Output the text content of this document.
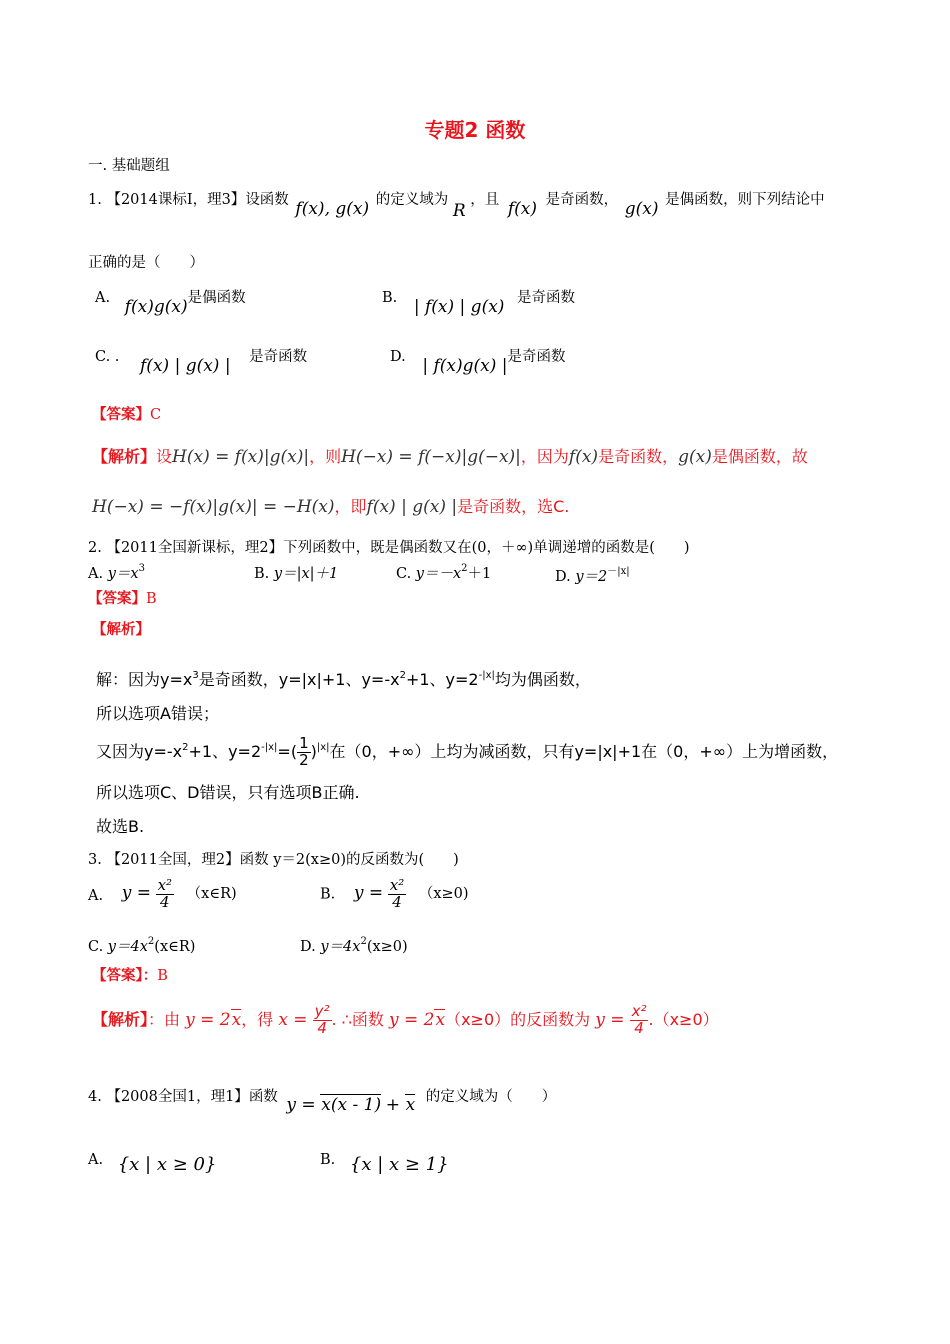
专题2 函数
一. 基础题组
1. 【2014课标Ⅰ，理3】设函数 f(x), g(x) 的定义域为 R ，且 f(x) 是奇函数， g(x) 是偶函数，则下列结论中
正确的是（　　）
A. f(x)g(x)是偶函数	B. | f(x) | g(x) 是奇函数
C. . f(x) | g(x) | 是奇函数	D. | f(x)g(x) |是奇函数
【答案】C
【解析】设H(x) = f(x)|g(x)|，则H(−x) = f(−x)|g(−x)|，因为f(x)是奇函数，g(x)是偶函数，故
H(−x) = −f(x)|g(x)| = −H(x)，即f(x) | g(x) |是奇函数，选C.
2. 【2011全国新课标，理2】下列函数中，既是偶函数又在(0，＋∞)单调递增的函数是(　　)
A. $y=x^3$	B. y＝|x|＋1	C. $y=-x^2+1$	D. $y=2^{-|x|}$
【答案】B
【解析】
解：因为$y=x^3$是奇函数，y=|x|+1、$y=-x^2+1$、$y=2^{-|x|}$均为偶函数，
所以选项A错误；
又因为$y=-x^2+1$、$y=2^{-|x|}=( \frac{1}{2} )^{|x|}$在（0，+∞）上均为减函数，只有y=|x|+1在（0，+∞）上为增函数，
所以选项C、D错误，只有选项B正确.
故选B.
3. 【2011全国，理2】函数 y＝2(x≥0)的反函数为(　　)
A. $y = \frac{\text{x²}}{4}$ （x∈R)	B. $y = \frac{\text{x²}}{4} (x\ge 0)$
C. $y=4x^2(x\in R)$	D. $y=4x^2(x\ge 0)$
【答案】：B
【解析】：由 y = 2x，得 $x = \frac{\text{y²}}{4}$ . ∴函数 y = 2x（x≥0）的反函数为 $y = \frac{\text{x²}}{4} .(x\ge 0)$
4. 【2008全国1，理1】函数 y = x(x - 1) + x 的定义域为（　　）
A. {x | x ≥ 0}	B. {x | x ≥ 1}
